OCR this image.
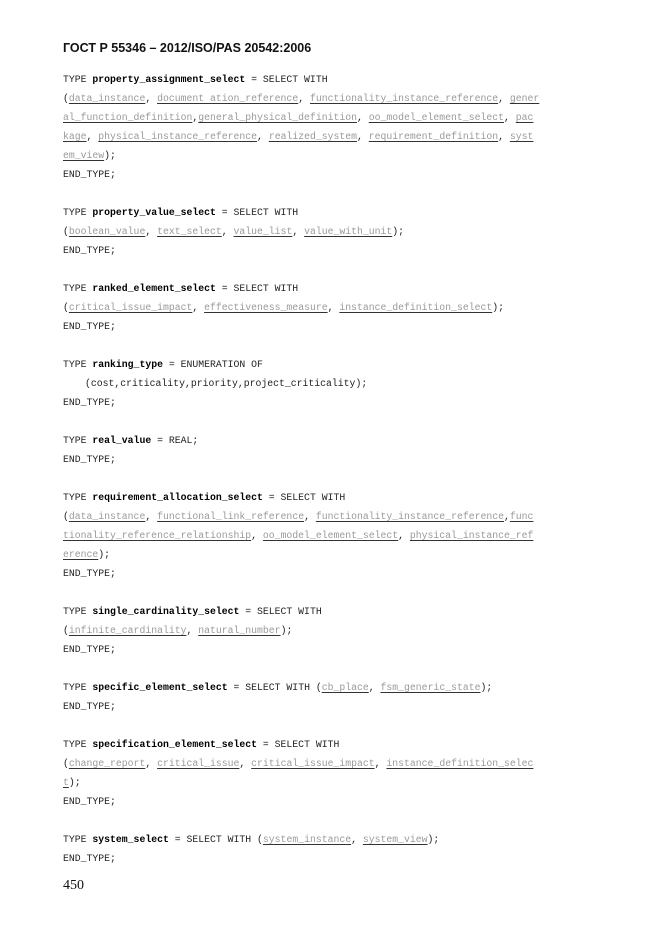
ГОСТ Р 55346 – 2012/ISO/PAS 20542:2006
TYPE property_assignment_select = SELECT WITH
(data_instance, document ation_reference, functionality_instance_reference, gener
al_function_definition,general_physical_definition, oo_model_element_select, pac
kage, physical_instance_reference, realized_system, requirement_definition, syst
em_view);
END_TYPE;
TYPE property_value_select = SELECT WITH
(boolean_value, text_select, value_list, value_with_unit);
END_TYPE;
TYPE ranked_element_select = SELECT WITH
(critical_issue_impact, effectiveness_measure, instance_definition_select);
END_TYPE;
TYPE ranking_type = ENUMERATION OF
(cost,criticality,priority,project_criticality);
END_TYPE;
TYPE real_value = REAL;
END_TYPE;
TYPE requirement_allocation_select = SELECT WITH
(data_instance, functional_link_reference, functionality_instance_reference,func
tionality_reference_relationship, oo_model_element_select, physical_instance_ref
erence);
END_TYPE;
TYPE single_cardinality_select = SELECT WITH
(infinite_cardinality, natural_number);
END_TYPE;
TYPE specific_element_select = SELECT WITH (cb_place, fsm_generic_state);
END_TYPE;
TYPE specification_element_select = SELECT WITH
(change_report, critical_issue, critical_issue_impact, instance_definition_selec
t);
END_TYPE;
TYPE system_select = SELECT WITH (system_instance, system_view);
END_TYPE;
450
